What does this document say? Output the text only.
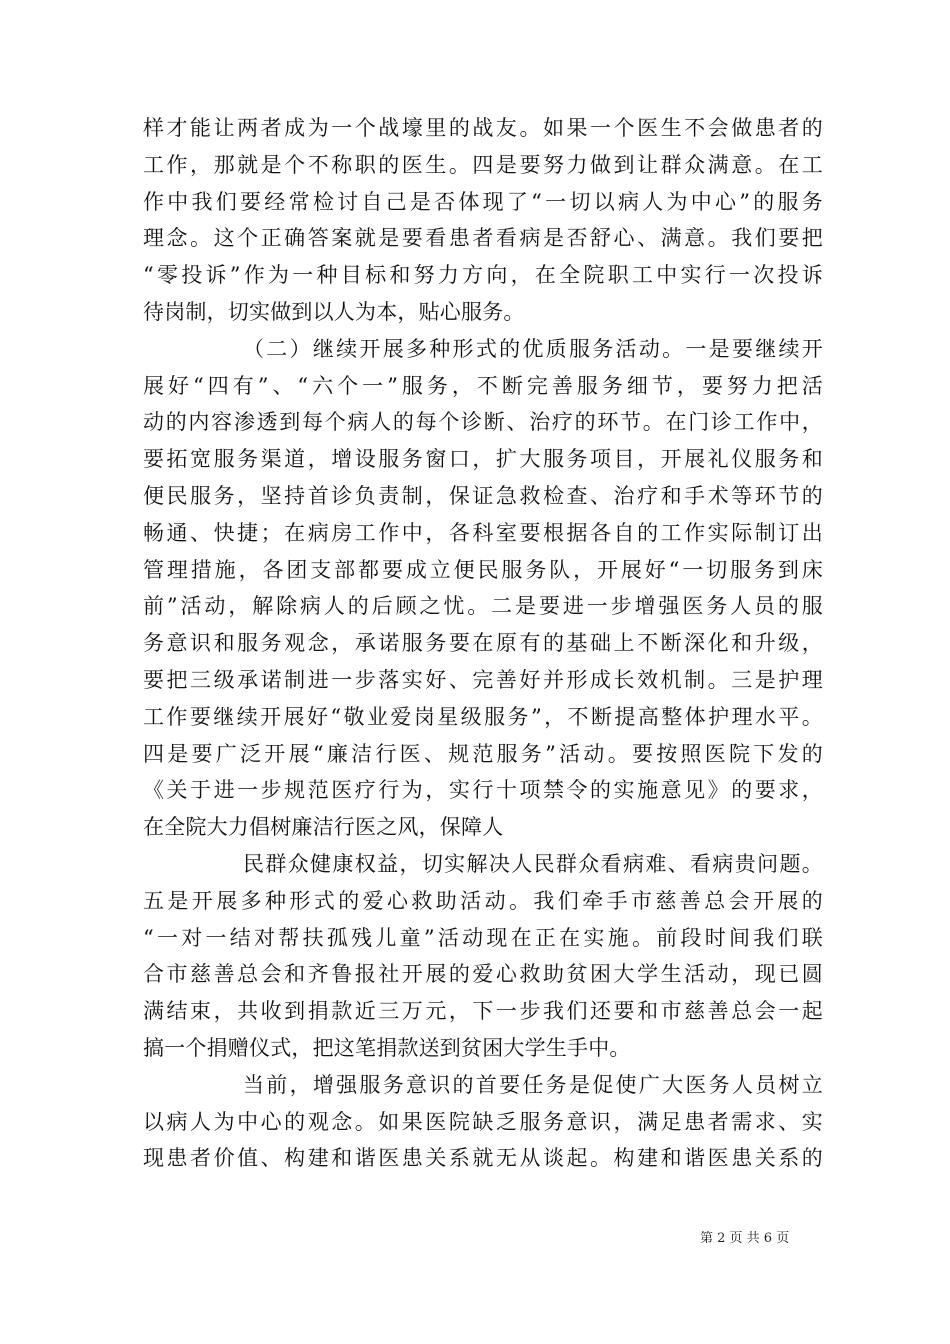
样才能让两者成为一个战壕里的战友。如果一个医生不会做患者的
工作，那就是个不称职的医生。四是要努力做到让群众满意。在工
作中我们要经常检讨自己是否体现了“一切以病人为中心”的服务
理念。这个正确答案就是要看患者看病是否舒心、满意。我们要把
“零投诉”作为一种目标和努力方向，在全院职工中实行一次投诉
待岗制，切实做到以人为本，贴心服务。
（二）继续开展多种形式的优质服务活动。一是要继续开
展好“四有”、“六个一”服务，不断完善服务细节，要努力把活
动的内容渗透到每个病人的每个诊断、治疗的环节。在门诊工作中，
要拓宽服务渠道，增设服务窗口，扩大服务项目，开展礼仪服务和
便民服务，坚持首诊负责制，保证急救检查、治疗和手术等环节的
畅通、快捷；在病房工作中，各科室要根据各自的工作实际制订出
管理措施，各团支部都要成立便民服务队，开展好“一切服务到床
前”活动，解除病人的后顾之忧。二是要进一步增强医务人员的服
务意识和服务观念，承诺服务要在原有的基础上不断深化和升级，
要把三级承诺制进一步落实好、完善好并形成长效机制。三是护理
工作要继续开展好“敬业爱岗星级服务”，不断提高整体护理水平。
四是要广泛开展“廉洁行医、规范服务”活动。要按照医院下发的
《关于进一步规范医疗行为，实行十项禁令的实施意见》的要求，
在全院大力倡树廉洁行医之风，保障人
民群众健康权益，切实解决人民群众看病难、看病贵问题。
五是开展多种形式的爱心救助活动。我们牵手市慈善总会开展的
“一对一结对帮扶孤残儿童”活动现在正在实施。前段时间我们联
合市慈善总会和齐鲁报社开展的爱心救助贫困大学生活动，现已圆
满结束，共收到捐款近三万元，下一步我们还要和市慈善总会一起
搞一个捐赠仪式，把这笔捐款送到贫困大学生手中。
当前，增强服务意识的首要任务是促使广大医务人员树立
以病人为中心的观念。如果医院缺乏服务意识，满足患者需求、实
现患者价值、构建和谐医患关系就无从谈起。构建和谐医患关系的
第 2 页 共 6 页
